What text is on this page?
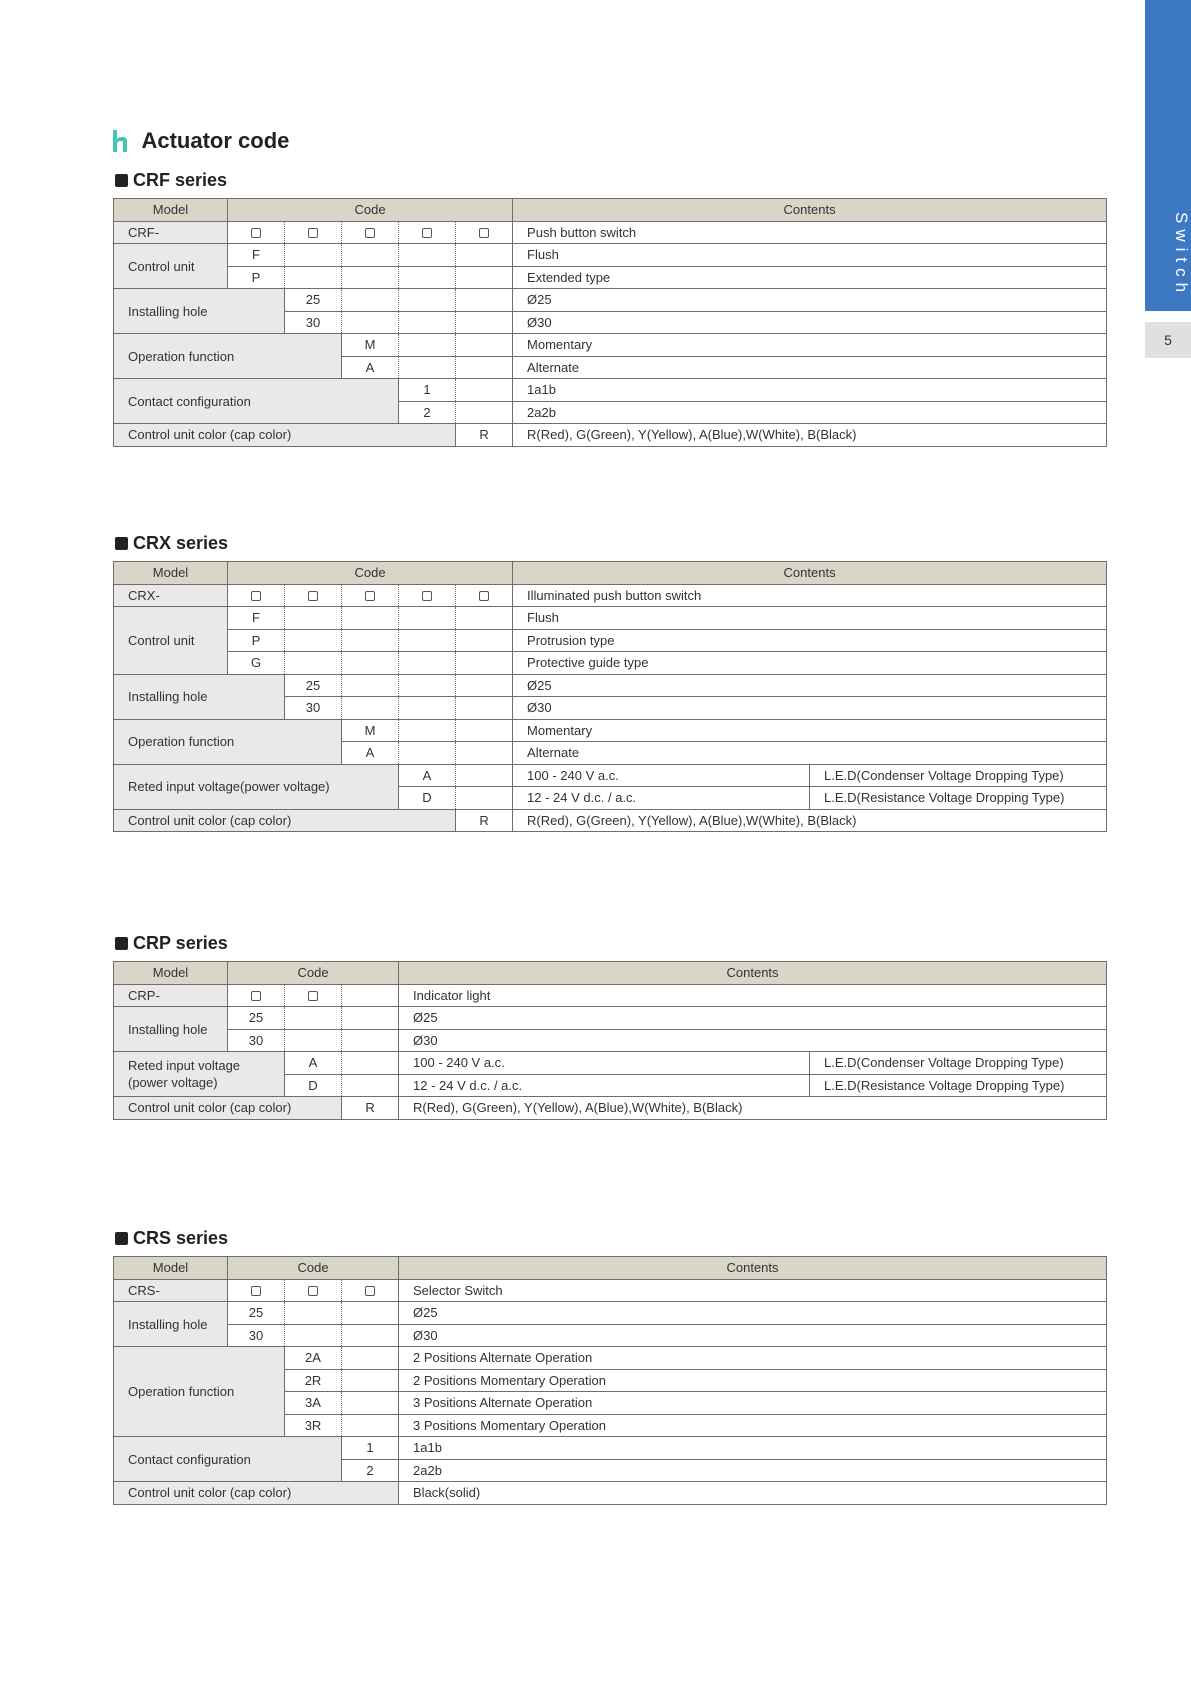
Switch
5
Actuator code
CRF series
Model	Code					Contents
CRF-						Push button switch
Control unit	F					Flush
	P					Extended type
Installing hole		25				Ø25
		30				Ø30
Operation function			M			Momentary
			A			Alternate
Contact configuration				1		1a1b
				2		2a2b
Control unit color (cap color)					R	R(Red), G(Green), Y(Yellow), A(Blue),W(White), B(Black)
CRX series
Model	Code					Contents	
CRX-						Illuminated push button switch	
Control unit	F					Flush	
	P					Protrusion type	
	G					Protective guide type	
Installing hole		25				Ø25	
		30				Ø30	
Operation function			M			Momentary	
			A			Alternate	
Reted input voltage(power voltage)				A		100 - 240 V a.c.	L.E.D(Condenser Voltage Dropping Type)
				D		12 - 24 V d.c. / a.c.	L.E.D(Resistance Voltage Dropping Type)
Control unit color (cap color)					R	R(Red), G(Green), Y(Yellow), A(Blue),W(White), B(Black)	
CRP series
Model	Code			Contents	
CRP-				Indicator light	
Installing hole	25			Ø25	
	30			Ø30	

Reted input voltage
(power voltage)		A		100 - 240 V a.c.	L.E.D(Condenser Voltage Dropping Type)
		D		12 - 24 V d.c. / a.c.	L.E.D(Resistance Voltage Dropping Type)
Control unit color (cap color)			R	R(Red), G(Green), Y(Yellow), A(Blue),W(White), B(Black)	
CRS series
Model	Code			Contents
CRS-				Selector Switch
Installing hole	25			Ø25
	30			Ø30
Operation function		2A		2 Positions Alternate Operation
		2R		2 Positions Momentary Operation
		3A		3 Positions Alternate Operation
		3R		3 Positions Momentary Operation
Contact configuration			1	1a1b
			2	2a2b
Control unit color (cap color)				Black(solid)
